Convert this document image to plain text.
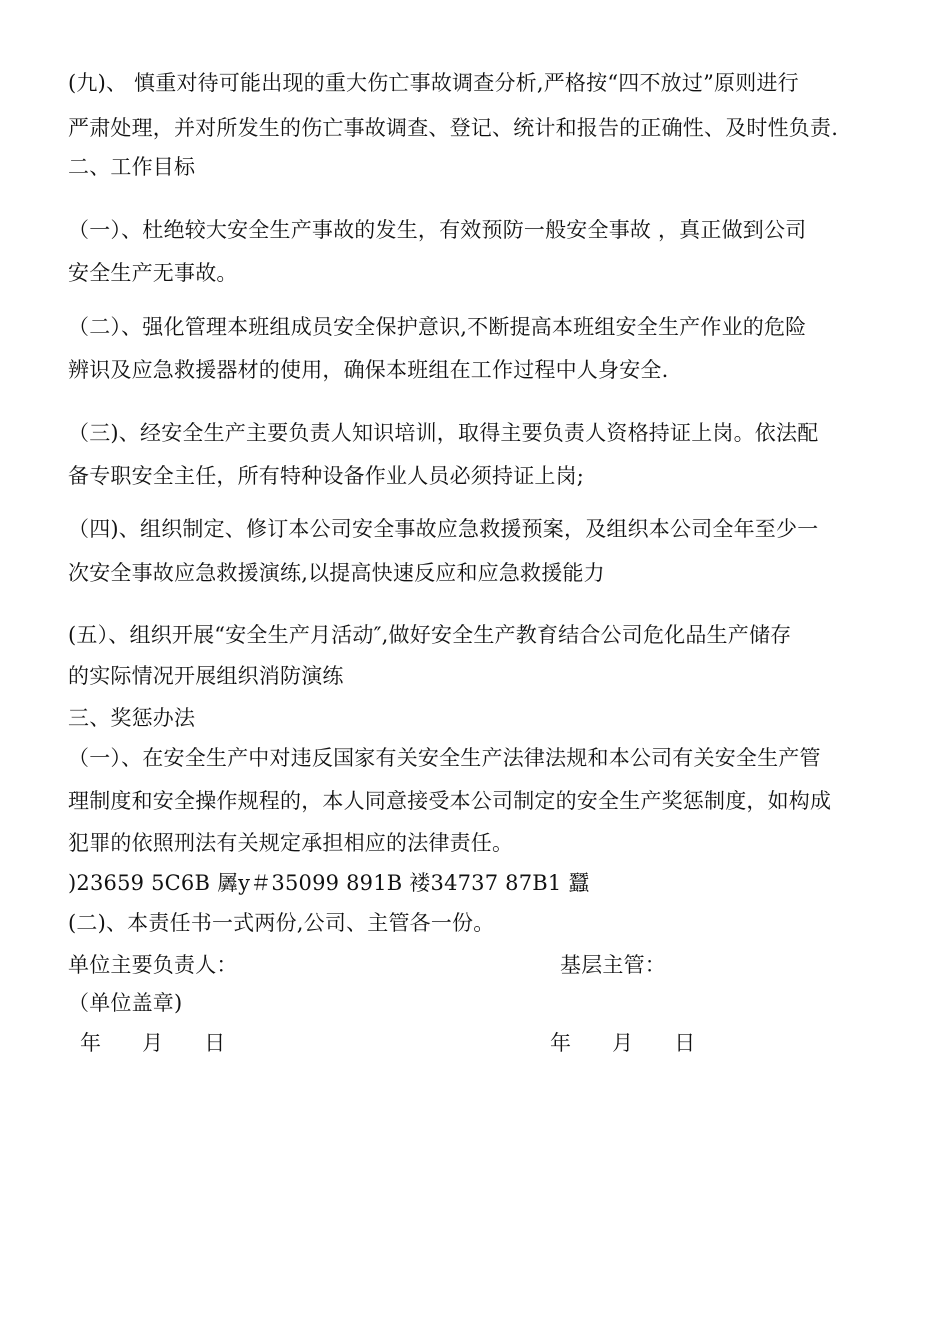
(九)、 慎重对待可能出现的重大伤亡事故调查分析,严格按“四不放过”原则进行
严肃处理，并对所发生的伤亡事故调查、登记、统计和报告的正确性、及时性负责.
二、工作目标
（一）、杜绝较大安全生产事故的发生，有效预防一般安全事故 ，真正做到公司
安全生产无事故。
（二）、强化管理本班组成员安全保护意识,不断提高本班组安全生产作业的危险
辨识及应急救援器材的使用，确保本班组在工作过程中人身安全.
（三)、经安全生产主要负责人知识培训，取得主要负责人资格持证上岗。依法配
备专职安全主任，所有特种设备作业人员必须持证上岗;
（四)、组织制定、修订本公司安全事故应急救援预案，及组织本公司全年至少一
次安全事故应急救援演练,以提高快速反应和应急救援能力
(五）、组织开展“安全生产月活动″,做好安全生产教育结合公司危化品生产储存
的实际情况开展组织消防演练
三、奖惩办法
（一）、在安全生产中对违反国家有关安全生产法律法规和本公司有关安全生产管
理制度和安全操作规程的，本人同意接受本公司制定的安全生产奖惩制度，如构成
犯罪的依照刑法有关规定承担相应的法律责任。
)23659 5C6B 羼y＃35099 891B 褛34737 87B1 蠶
(二)、本责任书一式两份,公司、主管各一份。
单位主要负责人：	基层主管：
（单位盖章)
年 月 日	年 月 日
